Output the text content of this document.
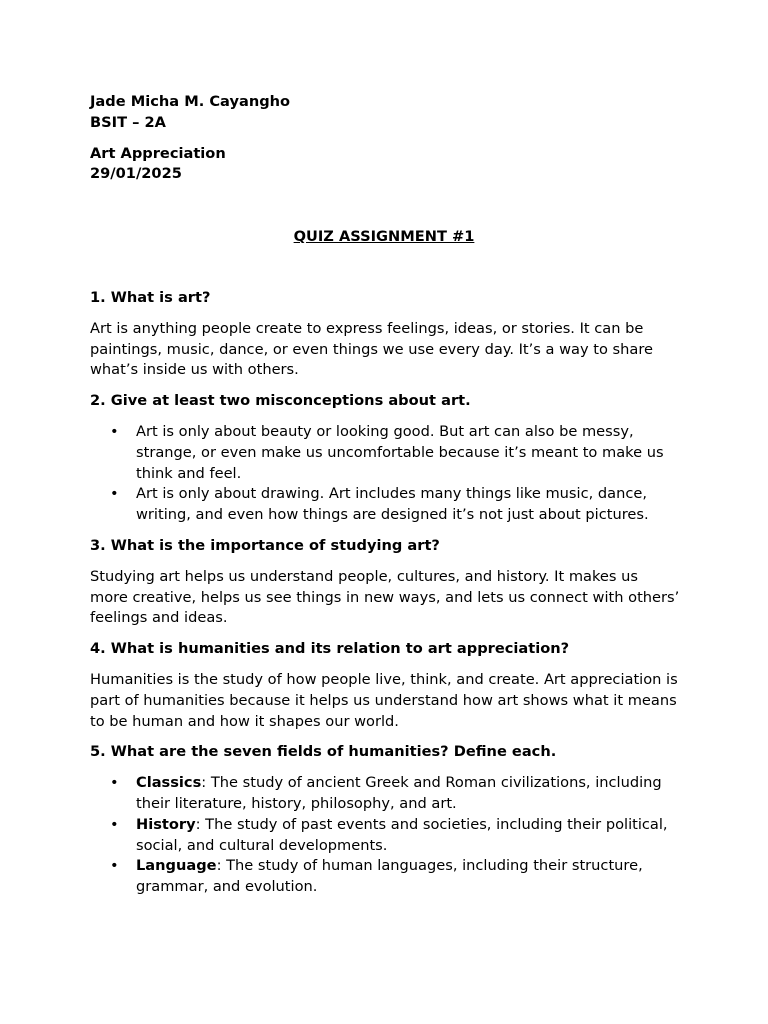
Jade Micha M. Cayangho

BSIT – 2A

Art Appreciation

29/01/2025

QUIZ ASSIGNMENT #1

1. What is art?

Art is anything people create to express feelings, ideas, or stories. It can be paintings, music, dance, or even things we use every day. It’s a way to share what’s inside us with others.

2. Give at least two misconceptions about art.

• Art is only about beauty or looking good. But art can also be messy, strange, or even make us uncomfortable because it’s meant to make us think and feel.
• Art is only about drawing. Art includes many things like music, dance, writing, and even how things are designed it’s not just about pictures.

3. What is the importance of studying art?

Studying art helps us understand people, cultures, and history. It makes us more creative, helps us see things in new ways, and lets us connect with others’ feelings and ideas.

4. What is humanities and its relation to art appreciation?

Humanities is the study of how people live, think, and create. Art appreciation is part of humanities because it helps us understand how art shows what it means to be human and how it shapes our world.

5. What are the seven fields of humanities? Define each.

• Classics: The study of ancient Greek and Roman civilizations, including their literature, history, philosophy, and art.
• History: The study of past events and societies, including their political, social, and cultural developments.
• Language: The study of human languages, including their structure, grammar, and evolution.
